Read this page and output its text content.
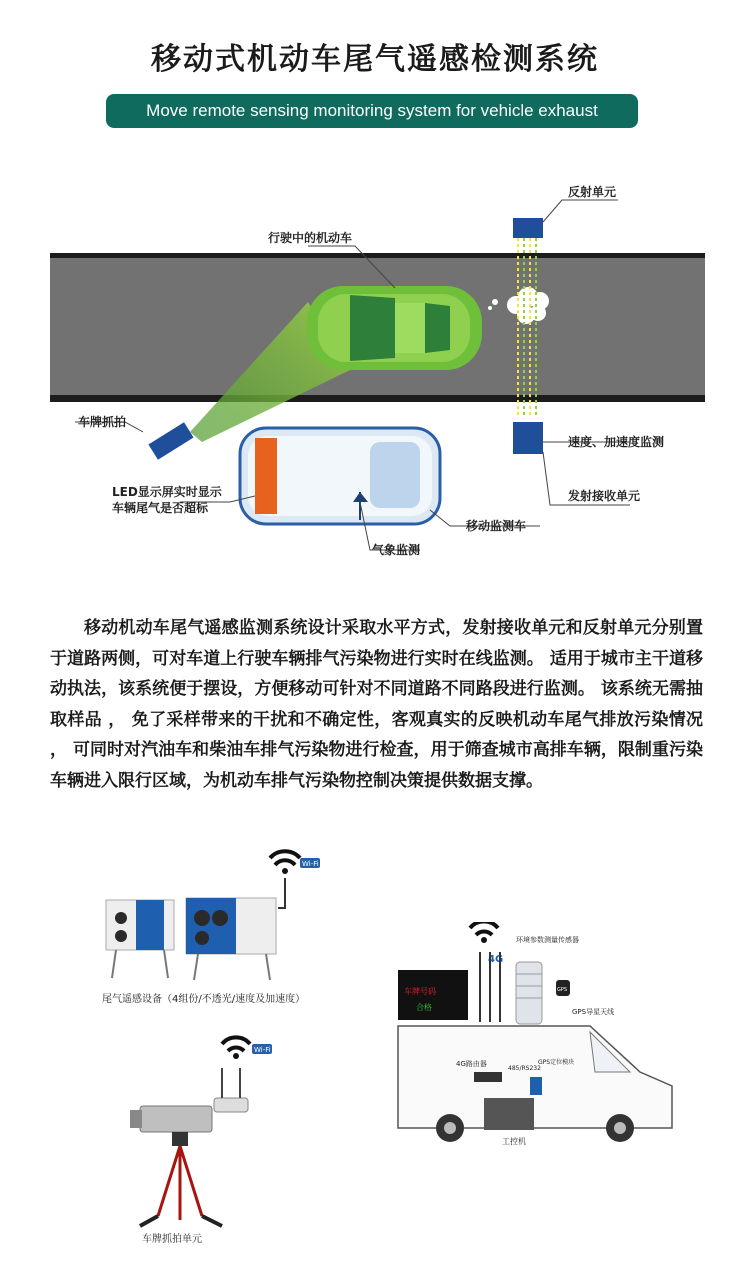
移动式机动车尾气遥感检测系统
Move remote sensing monitoring system for vehicle exhaust
反射单元
行驶中的机动车
车牌抓拍
速度、加速度监测
LED显示屏实时显示
车辆尾气是否超标
发射接收单元
移动监测车
气象监测
移动机动车尾气遥感监测系统设计采取水平方式，发射接收单元和反射单元分别置于道路两侧，可对车道上行驶车辆排气污染物进行实时在线监测。 适用于城市主干道移动执法，该系统便于摆设，方便移动可针对不同道路不同路段进行监测。 该系统无需抽取样品 ， 免了采样带来的干扰和不确定性，客观真实的反映机动车尾气排放污染情况 ， 可同时对汽油车和柴油车排气污染物进行检查，用于筛查城市高排车辆，限制重污染车辆进入限行区域，为机动车排气污染物控制决策提供数据支撑。
Wi-Fi
尾气遥感设备（4组份/不透光/速度及加速度）
4G
环境参数测量传感器
车牌号码
合格
GPS
GPS导星天线
4G路由器
485/RS232
GPS定位模块
工控机
Wi-Fi
车牌抓拍单元
